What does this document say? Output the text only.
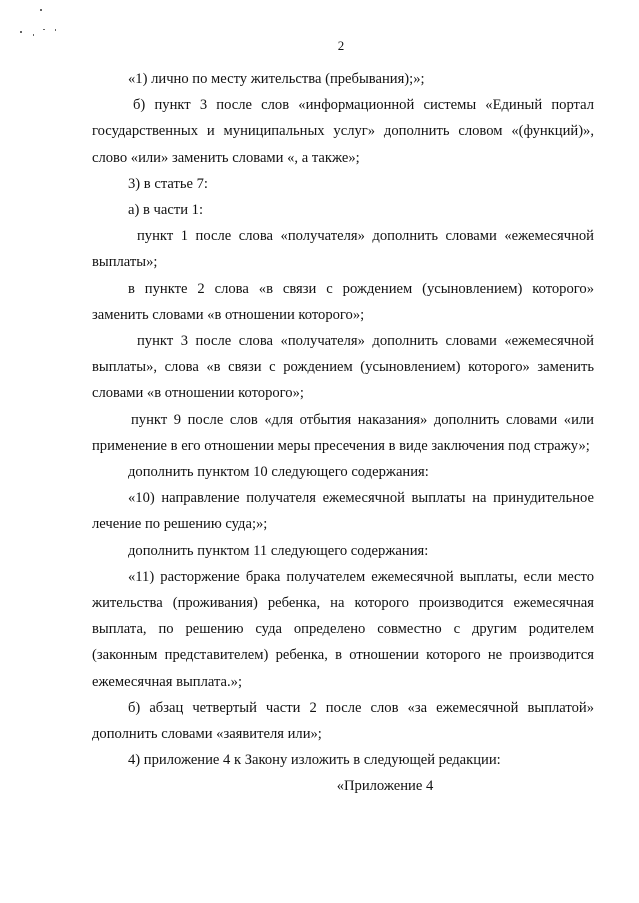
2

«1) лично по месту жительства (пребывания);»;

б) пункт 3 после слов «информационной системы «Единый портал государственных и муниципальных услуг» дополнить словом «(функций)», слово «или» заменить словами «, а также»;

3) в статье 7:

а) в части 1:

пункт 1 после слова «получателя» дополнить словами «ежемесячной выплаты»;

в пункте 2 слова «в связи с рождением (усыновлением) которого» заменить словами «в отношении которого»;

пункт 3 после слова «получателя» дополнить словами «ежемесячной выплаты», слова «в связи с рождением (усыновлением) которого» заменить словами «в отношении которого»;

пункт 9 после слов «для отбытия наказания» дополнить словами «или применение в его отношении меры пресечения в виде заключения под стражу»;

дополнить пунктом 10 следующего содержания:

«10) направление получателя ежемесячной выплаты на принудительное лечение по решению суда;»;

дополнить пунктом 11 следующего содержания:

«11) расторжение брака получателем ежемесячной выплаты, если место жительства (проживания) ребенка, на которого производится ежемесячная выплата, по решению суда определено совместно с другим родителем (законным представителем) ребенка, в отношении которого не производится ежемесячная выплата.»;

б) абзац четвертый части 2 после слов «за ежемесячной выплатой» дополнить словами «заявителя или»;

4) приложение 4 к Закону изложить в следующей редакции:

«Приложение 4
